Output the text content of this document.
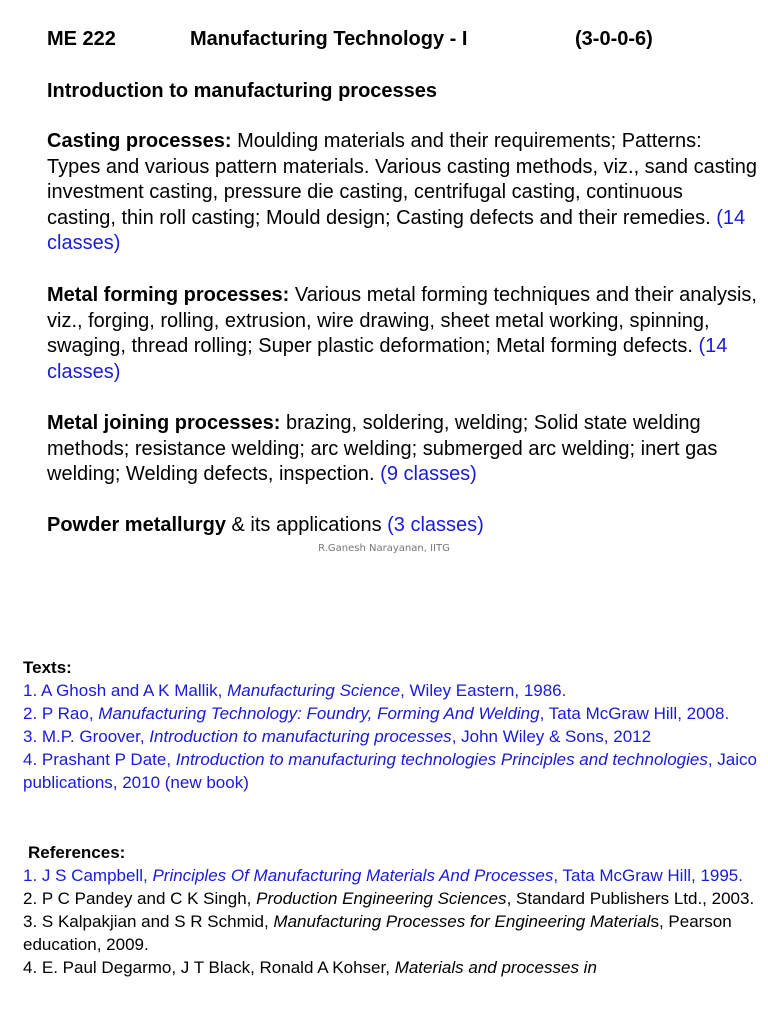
ME 222	Manufacturing Technology - I	(3-0-0-6)
Introduction to manufacturing processes
Casting processes: Moulding materials and their requirements; Patterns: Types and various pattern materials. Various casting methods, viz., sand casting investment casting, pressure die casting, centrifugal casting, continuous casting, thin roll casting; Mould design; Casting defects and their remedies. (14 classes)
Metal forming processes: Various metal forming techniques and their analysis, viz., forging, rolling, extrusion, wire drawing, sheet metal working, spinning, swaging, thread rolling; Super plastic deformation; Metal forming defects. (14 classes)
Metal joining processes: brazing, soldering, welding; Solid state welding methods; resistance welding; arc welding; submerged arc welding; inert gas welding; Welding defects, inspection. (9 classes)
Powder metallurgy & its applications (3 classes)
R.Ganesh Narayanan, IITG
Texts:
1. A Ghosh and A K Mallik, Manufacturing Science, Wiley Eastern, 1986.
2. P Rao, Manufacturing Technology: Foundry, Forming And Welding, Tata McGraw Hill, 2008.
3. M.P. Groover, Introduction to manufacturing processes, John Wiley & Sons, 2012
4. Prashant P Date, Introduction to manufacturing technologies Principles and technologies, Jaico publications, 2010 (new book)
References:
1. J S Campbell, Principles Of Manufacturing Materials And Processes, Tata McGraw Hill, 1995.
2. P C Pandey and C K Singh, Production Engineering Sciences, Standard Publishers Ltd., 2003.
3. S Kalpakjian and S R Schmid, Manufacturing Processes for Engineering Materials, Pearson education, 2009.
4. E. Paul Degarmo, J T Black, Ronald A Kohser, Materials and processes in
